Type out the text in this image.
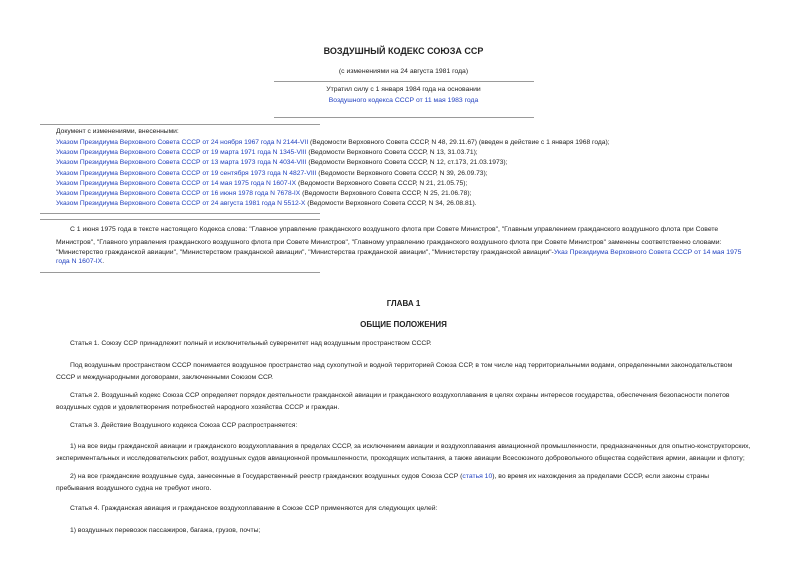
ВОЗДУШНЫЙ КОДЕКС СОЮЗА ССР
(с изменениями на 24 августа 1981 года)
Утратил силу с 1 января 1984 года на основании
Воздушного кодекса СССР от 11 мая 1983 года
Документ с изменениями, внесенными:
Указом Президиума Верховного Совета СССР от 24 ноября 1967 года N 2144-VII (Ведомости Верховного Совета СССР, N 48, 29.11.67) (введен в действие с 1 января 1968 года);
Указом Президиума Верховного Совета СССР от 19 марта 1971 года N 1345-VIII (Ведомости Верховного Совета СССР, N 13, 31.03.71);
Указом Президиума Верховного Совета СССР от 13 марта 1973 года N 4034-VIII (Ведомости Верховного Совета СССР, N 12, ст.173, 21.03.1973);
Указом Президиума Верховного Совета СССР от 19 сентября 1973 года N 4827-VIII (Ведомости Верховного Совета СССР, N 39, 26.09.73);
Указом Президиума Верховного Совета СССР от 14 мая 1975 года N 1607-IX (Ведомости Верховного Совета СССР, N 21, 21.05.75);
Указом Президиума Верховного Совета СССР от 16 июня 1978 года N 7678-IX (Ведомости Верховного Совета СССР, N 25, 21.06.78);
Указом Президиума Верховного Совета СССР от 24 августа 1981 года N 5512-X (Ведомости Верховного Совета СССР, N 34, 26.08.81).
С 1 июня 1975 года в тексте настоящего Кодекса слова: "Главное управление гражданского воздушного флота при Совете Министров", "Главным управлением гражданского воздушного флота при Совете
Министров", "Главного управления гражданского воздушного флота при Совете Министров", "Главному управлению гражданского воздушного флота при Совете Министров" заменены соответственно словами:
"Министерство гражданской авиации", "Министерством гражданской авиации", "Министерства гражданской авиации", "Министерству гражданской авиации"-Указ Президиума Верховного Совета СССР от 14 мая 1975
года N 1607-IX.
ГЛАВА 1
ОБЩИЕ ПОЛОЖЕНИЯ
Статья 1. Союзу ССР принадлежит полный и исключительный суверенитет над воздушным пространством СССР.
Под воздушным пространством СССР понимается воздушное пространство над сухопутной и водной территорией Союза ССР, в том числе над территориальными водами, определенными законодательством
СССР и международными договорами, заключенными Союзом ССР.
Статья 2. Воздушный кодекс Союза ССР определяет порядок деятельности гражданской авиации и гражданского воздухоплавания в целях охраны интересов государства, обеспечения безопасности полетов
воздушных судов и удовлетворения потребностей народного хозяйства СССР и граждан.
Статья 3. Действие Воздушного кодекса Союза ССР распространяется:
1) на все виды гражданской авиации и гражданского воздухоплавания в пределах СССР, за исключением авиации и воздухоплавания авиационной промышленности, предназначенных для опытно-конструкторских,
экспериментальных и исследовательских работ, воздушных судов авиационной промышленности, проходящих испытания, а также авиации Всесоюзного добровольного общества содействия армии, авиации и флоту;
2) на все гражданские воздушные суда, занесенные в Государственный реестр гражданских воздушных судов Союза ССР (статья 10), во время их нахождения за пределами СССР, если законы страны
пребывания воздушного судна не требуют иного.
Статья 4. Гражданская авиация и гражданское воздухоплавание в Союзе ССР применяются для следующих целей:
1) воздушных перевозок пассажиров, багажа, грузов, почты;
